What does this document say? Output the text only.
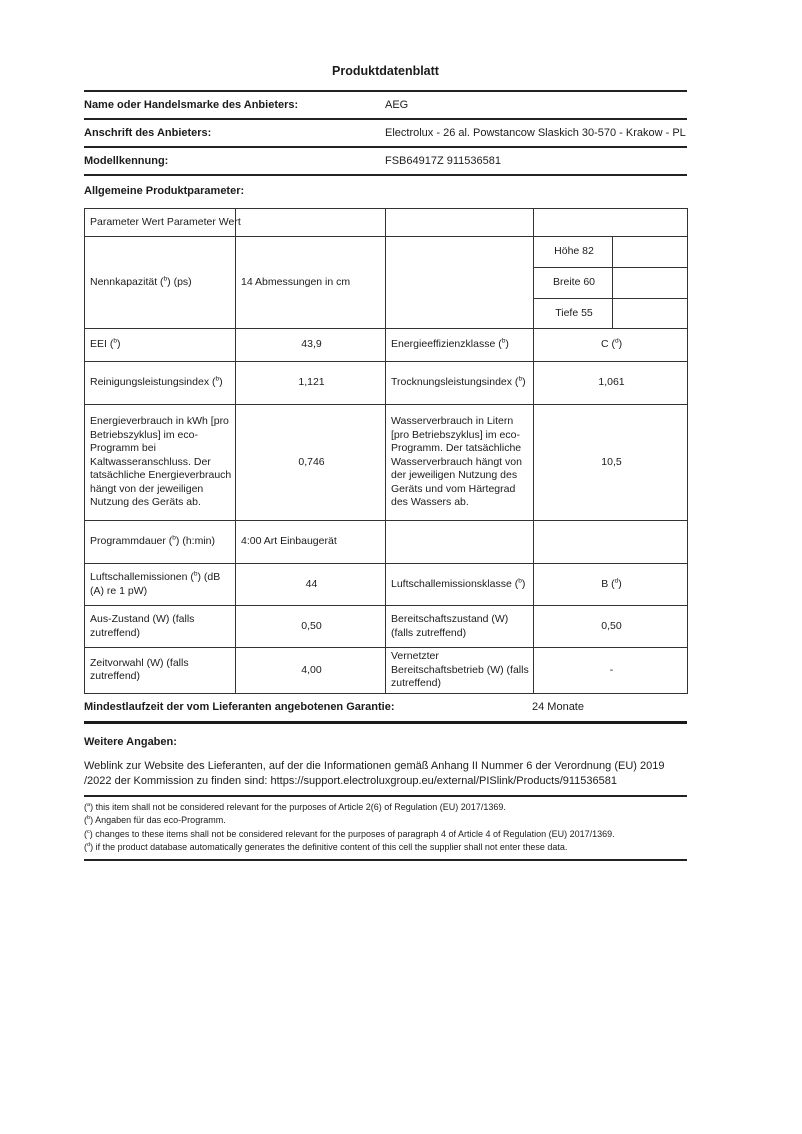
Produktdatenblatt
Name oder Handelsmarke des Anbieters:	AEG
Anschrift des Anbieters:	Electrolux - 26 al. Powstancow Slaskich 30-570 - Krakow - PL
Modellkennung:	FSB64917Z 911536581
Allgemeine Produktparameter:
Parameter Wert Parameter Wert				
Nennkapazität ($^b$) (ps)	14 Abmessungen in cm		Höhe 82	
			Breite 60	
			Tiefe 55	
EEI ($^b$)	43,9	Energieeffizienzklasse ($^b$)	C ($^d$)	
Reinigungsleistungsindex ($^b$)	1,121	Trocknungsleistungsindex ($^b$)	1,061	
Energieverbrauch in kWh [pro Betriebszyklus] im eco-Programm bei Kaltwasseranschluss. Der tatsächliche Energieverbrauch hängt von der jeweiligen Nutzung des Geräts ab.	0,746	Wasserverbrauch in Litern [pro Betriebszyklus] im eco-Programm. Der tatsächliche Wasserverbrauch hängt von der jeweiligen Nutzung des Geräts und vom Härtegrad des Wassers ab.	10,5	
Programmdauer ($^b$) (h:min)	4:00 Art Einbaugerät			
Luftschallemissionen ($^b$) (dB (A) re 1 pW)	44	Luftschallemissionsklasse ($^b$)	B ($^d$)	
Aus-Zustand (W) (falls zutreffend)	0,50	Bereitschaftszustand (W) (falls zutreffend)	0,50	
Zeitvorwahl (W) (falls zutreffend)	4,00	Vernetzter Bereitschaftsbetrieb (W) (falls zutreffend)	-	
Mindestlaufzeit der vom Lieferanten angebotenen Garantie:	24 Monate
Weitere Angaben:
Weblink zur Website des Lieferanten, auf der die Informationen gemäß Anhang II Nummer 6 der Verordnung (EU) 2019
/2022 der Kommission zu finden sind: https://support.electroluxgroup.eu/external/PISlink/Products/911536581
($^a$) this item shall not be considered relevant for the purposes of Article 2(6) of Regulation (EU) 2017/1369.
($^b$) Angaben für das eco-Programm.
($^c$) changes to these items shall not be considered relevant for the purposes of paragraph 4 of Article 4 of Regulation (EU) 2017/1369.
($^d$) if the product database automatically generates the definitive content of this cell the supplier shall not enter these data.
